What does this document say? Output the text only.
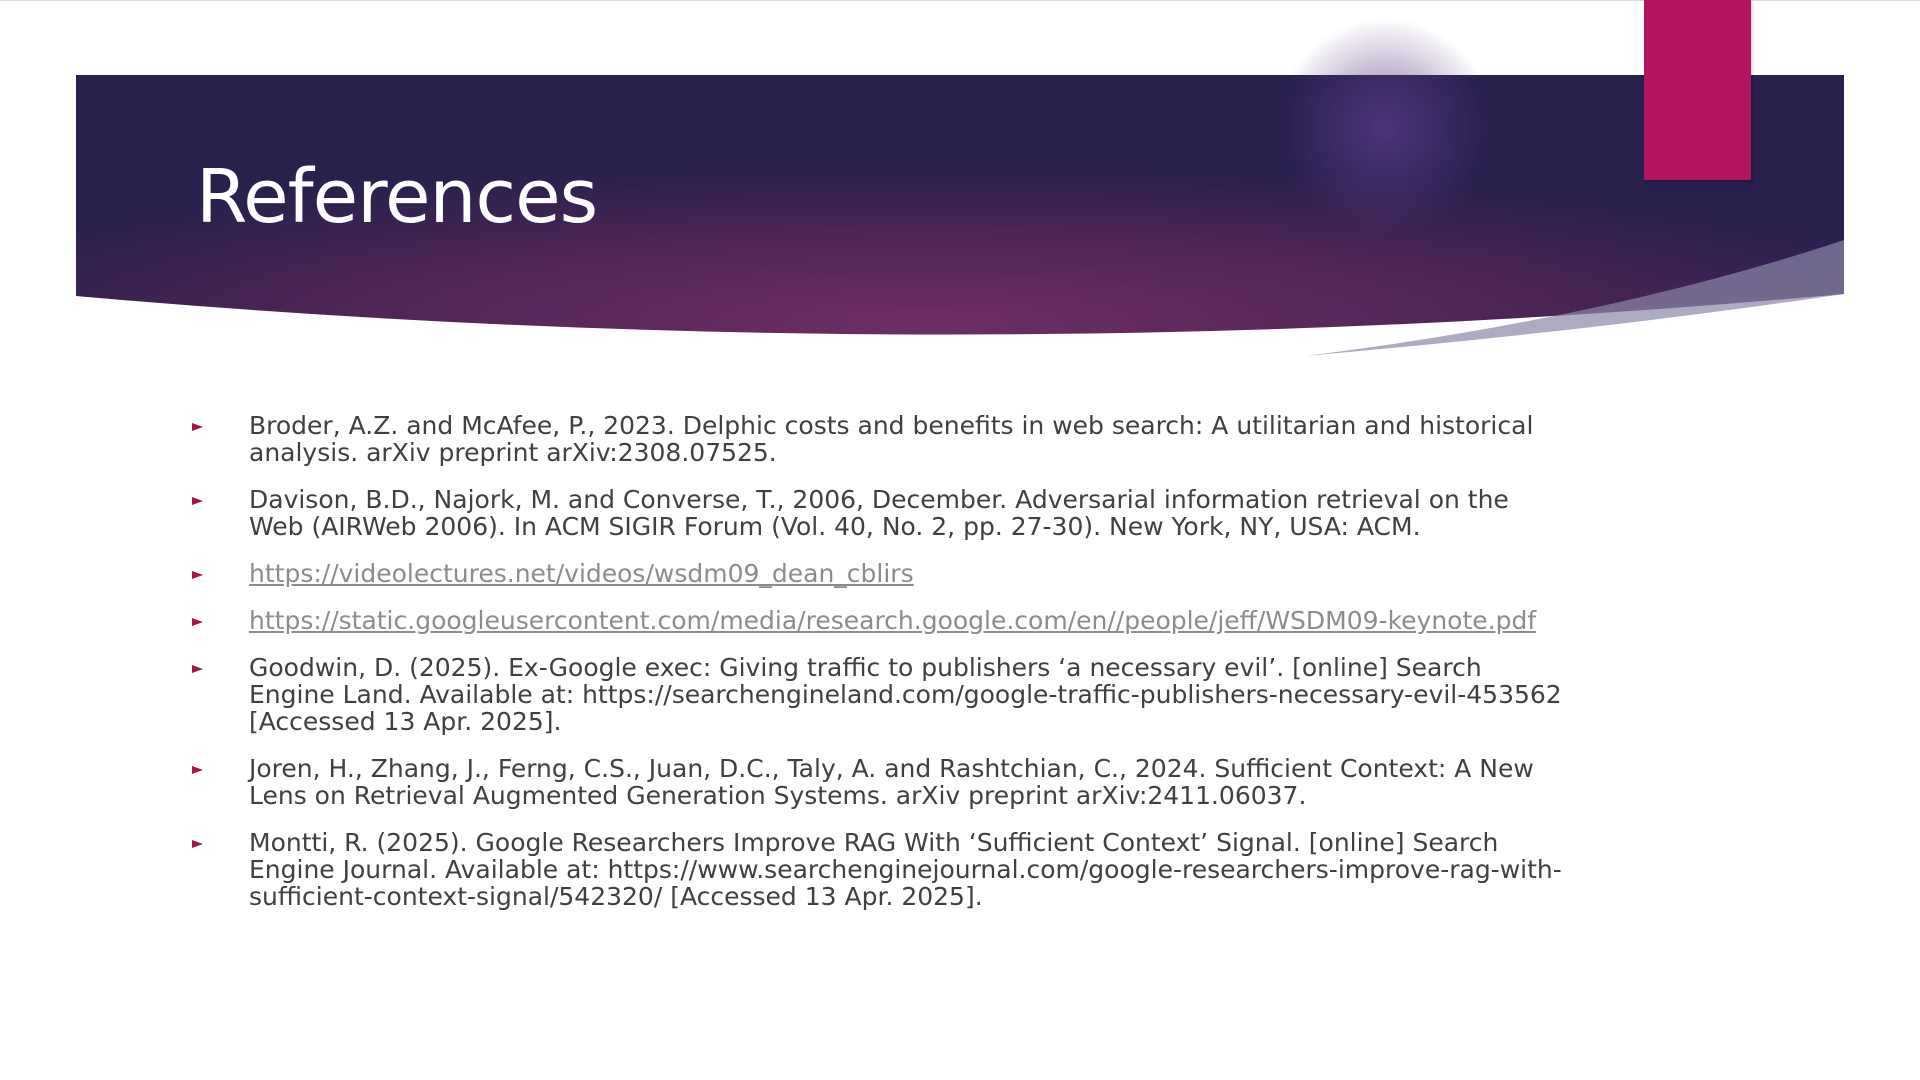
References
Broder, A.Z. and McAfee, P., 2023. Delphic costs and benefits in web search: A utilitarian and historical analysis. arXiv preprint arXiv:2308.07525.
Davison, B.D., Najork, M. and Converse, T., 2006, December. Adversarial information retrieval on the Web (AIRWeb 2006). In ACM SIGIR Forum (Vol. 40, No. 2, pp. 27-30). New York, NY, USA: ACM.
https://videolectures.net/videos/wsdm09_dean_cblirs
https://static.googleusercontent.com/media/research.google.com/en//people/jeff/WSDM09-keynote.pdf
Goodwin, D. (2025). Ex-Google exec: Giving traffic to publishers ‘a necessary evil’. [online] Search Engine Land. Available at: https://searchengineland.com/google-traffic-publishers-necessary-evil-453562 [Accessed 13 Apr. 2025].
Joren, H., Zhang, J., Ferng, C.S., Juan, D.C., Taly, A. and Rashtchian, C., 2024. Sufficient Context: A New Lens on Retrieval Augmented Generation Systems. arXiv preprint arXiv:2411.06037.
Montti, R. (2025). Google Researchers Improve RAG With ‘Sufficient Context’ Signal. [online] Search Engine Journal. Available at: https://www.searchenginejournal.com/google-researchers-improve-rag-with-sufficient-context-signal/542320/ [Accessed 13 Apr. 2025].
